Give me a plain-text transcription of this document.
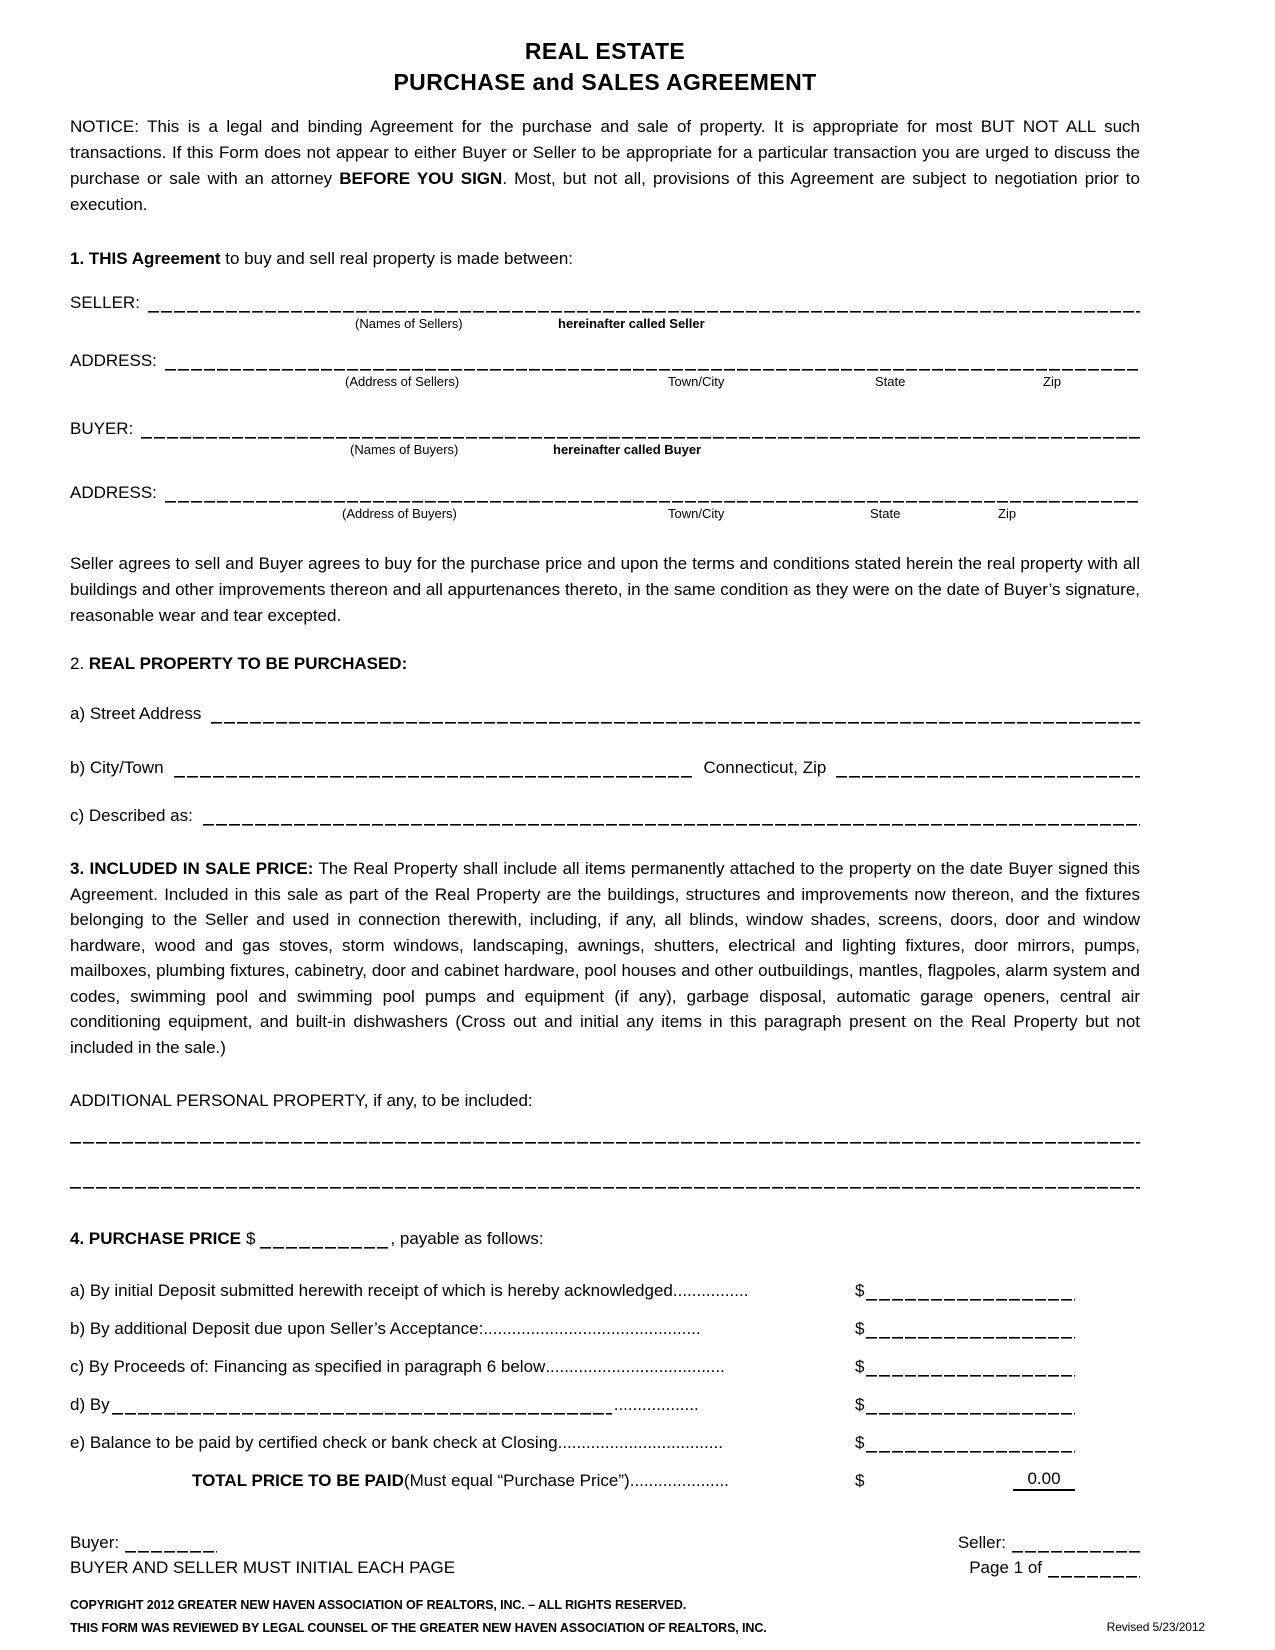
REAL ESTATE
PURCHASE and SALES AGREEMENT

NOTICE: This is a legal and binding Agreement for the purchase and sale of property. It is appropriate for most BUT NOT ALL such transactions. If this Form does not appear to either Buyer or Seller to be appropriate for a particular transaction you are urged to discuss the purchase or sale with an attorney BEFORE YOU SIGN. Most, but not all, provisions of this Agreement are subject to negotiation prior to execution.

1. THIS Agreement to buy and sell real property is made between:
SELLER:
(Names of Sellers)	hereinafter called Seller
ADDRESS:
(Address of Sellers)	Town/City	State	Zip
BUYER:
(Names of Buyers)	hereinafter called Buyer
ADDRESS:
(Address of Buyers)	Town/City	State	Zip

Seller agrees to sell and Buyer agrees to buy for the purchase price and upon the terms and conditions stated herein the real property with all buildings and other improvements thereon and all appurtenances thereto, in the same condition as they were on the date of Buyer’s signature, reasonable wear and tear excepted.

2. REAL PROPERTY TO BE PURCHASED:
a) Street Address
b) City/Town	Connecticut, Zip
c) Described as:

3. INCLUDED IN SALE PRICE: The Real Property shall include all items permanently attached to the property on the date Buyer signed this Agreement. Included in this sale as part of the Real Property are the buildings, structures and improvements now thereon, and the fixtures belonging to the Seller and used in connection therewith, including, if any, all blinds, window shades, screens, doors, door and window hardware, wood and gas stoves, storm windows, landscaping, awnings, shutters, electrical and lighting fixtures, door mirrors, pumps, mailboxes, plumbing fixtures, cabinetry, door and cabinet hardware, pool houses and other outbuildings, mantles, flagpoles, alarm system and codes, swimming pool and swimming pool pumps and equipment (if any), garbage disposal, automatic garage openers, central air conditioning equipment, and built-in dishwashers (Cross out and initial any items in this paragraph present on the Real Property but not included in the sale.)

ADDITIONAL PERSONAL PROPERTY, if any, to be included:
4. PURCHASE PRICE $	, payable as follows:
a) By initial Deposit submitted herewith receipt of which is hereby acknowledged ................	$
b) By additional Deposit due upon Seller’s Acceptance: ..............................................	$
c) By Proceeds of: Financing as specified in paragraph 6 below ......................................	$
d) By	..................	$
e) Balance to be paid by certified check or bank check at Closing ...................................	$
TOTAL PRICE TO BE PAID (Must equal “Purchase Price”) .....................	$	0.00
Buyer:	Seller:
BUYER AND SELLER MUST INITIAL EACH PAGE	Page 1 of
COPYRIGHT 2012 GREATER NEW HAVEN ASSOCIATION OF REALTORS, INC. – ALL RIGHTS RESERVED.
THIS FORM WAS REVIEWED BY LEGAL COUNSEL OF THE GREATER NEW HAVEN ASSOCIATION OF REALTORS, INC.	Revised 5/23/2012
